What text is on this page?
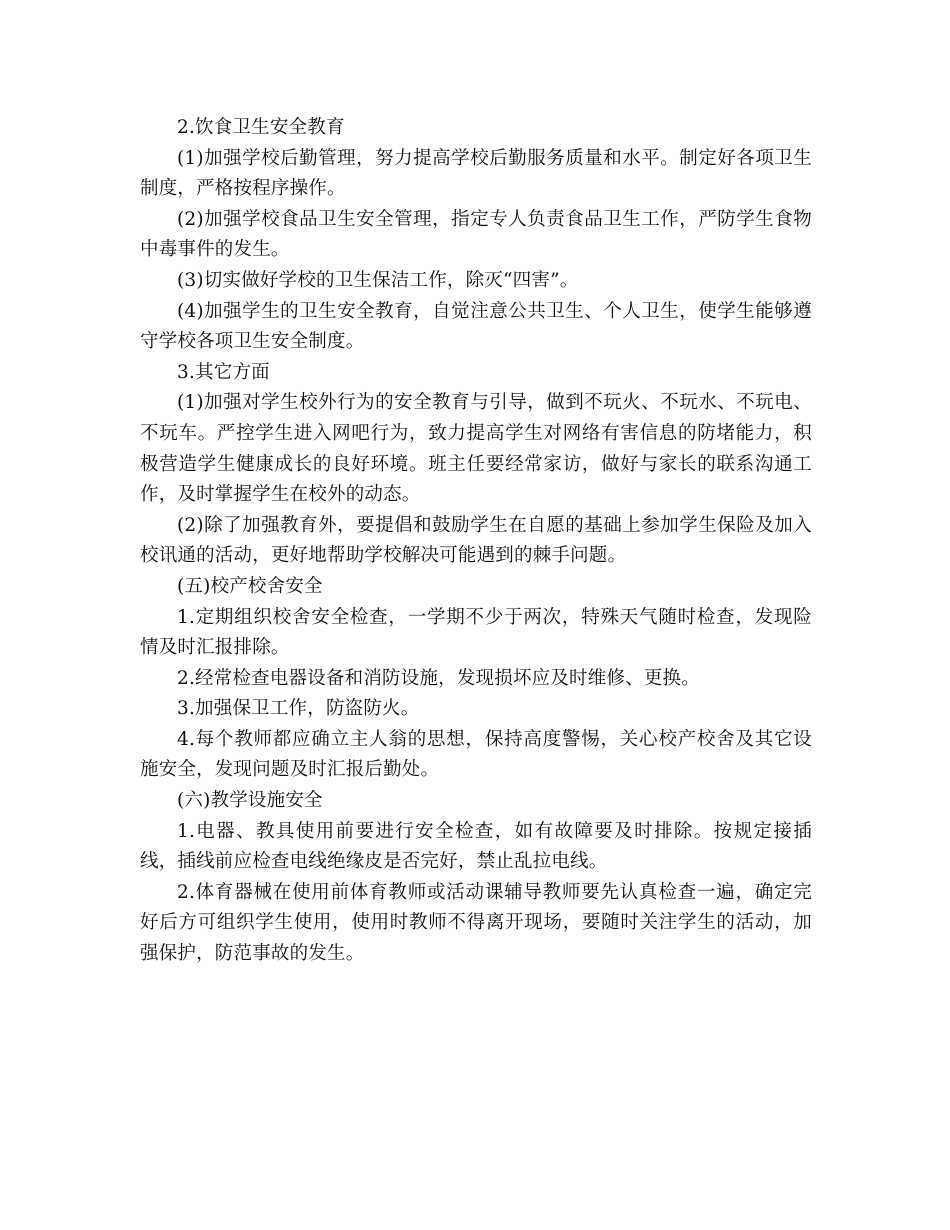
2.饮食卫生安全教育

(1)加强学校后勤管理，努力提高学校后勤服务质量和水平。制定好各项卫生制度，严格按程序操作。

(2)加强学校食品卫生安全管理，指定专人负责食品卫生工作，严防学生食物中毒事件的发生。

(3)切实做好学校的卫生保洁工作，除灭“四害”。

(4)加强学生的卫生安全教育，自觉注意公共卫生、个人卫生，使学生能够遵守学校各项卫生安全制度。

3.其它方面

(1)加强对学生校外行为的安全教育与引导，做到不玩火、不玩水、不玩电、不玩车。严控学生进入网吧行为，致力提高学生对网络有害信息的防堵能力，积极营造学生健康成长的良好环境。班主任要经常家访，做好与家长的联系沟通工作，及时掌握学生在校外的动态。

(2)除了加强教育外，要提倡和鼓励学生在自愿的基础上参加学生保险及加入校讯通的活动，更好地帮助学校解决可能遇到的棘手问题。

(五)校产校舍安全

1.定期组织校舍安全检查，一学期不少于两次，特殊天气随时检查，发现险情及时汇报排除。

2.经常检查电器设备和消防设施，发现损坏应及时维修、更换。

3.加强保卫工作，防盗防火。

4.每个教师都应确立主人翁的思想，保持高度警惕，关心校产校舍及其它设施安全，发现问题及时汇报后勤处。

(六)教学设施安全

1.电器、教具使用前要进行安全检查，如有故障要及时排除。按规定接插线，插线前应检查电线绝缘皮是否完好，禁止乱拉电线。

2.体育器械在使用前体育教师或活动课辅导教师要先认真检查一遍，确定完好后方可组织学生使用，使用时教师不得离开现场，要随时关注学生的活动，加强保护，防范事故的发生。
